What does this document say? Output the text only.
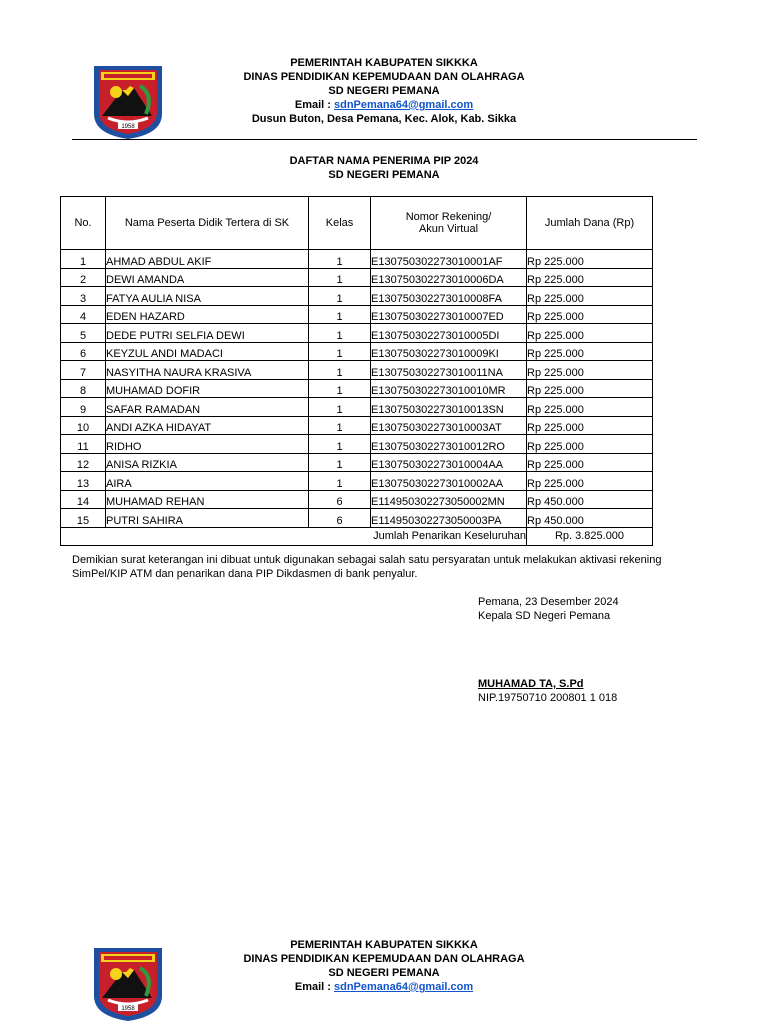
1958
PEMERINTAH KABUPATEN SIKKKA
DINAS PENDIDIKAN KEPEMUDAAN DAN OLAHRAGA
SD NEGERI PEMANA
Email : sdnPemana64@gmail.com
Dusun Buton, Desa Pemana, Kec. Alok, Kab. Sikka
DAFTAR NAMA PENERIMA PIP 2024
SD NEGERI PEMANA
No.	Nama Peserta Didik Tertera di SK	Kelas	Nomor Rekening/
Akun Virtual	Jumlah Dana (Rp)
1	AHMAD ABDUL AKIF	1	E130750302273010001AF	Rp 225.000
2	DEWI AMANDA	1	E130750302273010006DA	Rp 225.000
3	FATYA AULIA NISA	1	E130750302273010008FA	Rp 225.000
4	EDEN HAZARD	1	E130750302273010007ED	Rp 225.000
5	DEDE PUTRI SELFIA DEWI	1	E130750302273010005DI	Rp 225.000
6	KEYZUL ANDI MADACI	1	E130750302273010009KI	Rp 225.000
7	NASYITHA NAURA KRASIVA	1	E130750302273010011NA	Rp 225.000
8	MUHAMAD DOFIR	1	E130750302273010010MR	Rp 225.000
9	SAFAR RAMADAN	1	E130750302273010013SN	Rp 225.000
10	ANDI AZKA HIDAYAT	1	E130750302273010003AT	Rp 225.000
11	RIDHO	1	E130750302273010012RO	Rp 225.000
12	ANISA RIZKIA	1	E130750302273010004AA	Rp 225.000
13	AIRA	1	E130750302273010002AA	Rp 225.000
14	MUHAMAD REHAN	6	E114950302273050002MN	Rp 450.000
15	PUTRI SAHIRA	6	E114950302273050003PA	Rp 450.000
Jumlah Penarikan Keseluruhan				Rp. 3.825.000
Demikian surat keterangan ini dibuat untuk digunakan sebagai salah satu persyaratan untuk melakukan aktivasi rekening SimPel/KIP ATM dan penarikan dana PIP Dikdasmen di bank penyalur.
Pemana, 23 Desember 2024
Kepala SD Negeri Pemana
MUHAMAD TA, S.Pd
NIP.19750710 200801 1 018
1958
PEMERINTAH KABUPATEN SIKKKA
DINAS PENDIDIKAN KEPEMUDAAN DAN OLAHRAGA
SD NEGERI PEMANA
Email : sdnPemana64@gmail.com
